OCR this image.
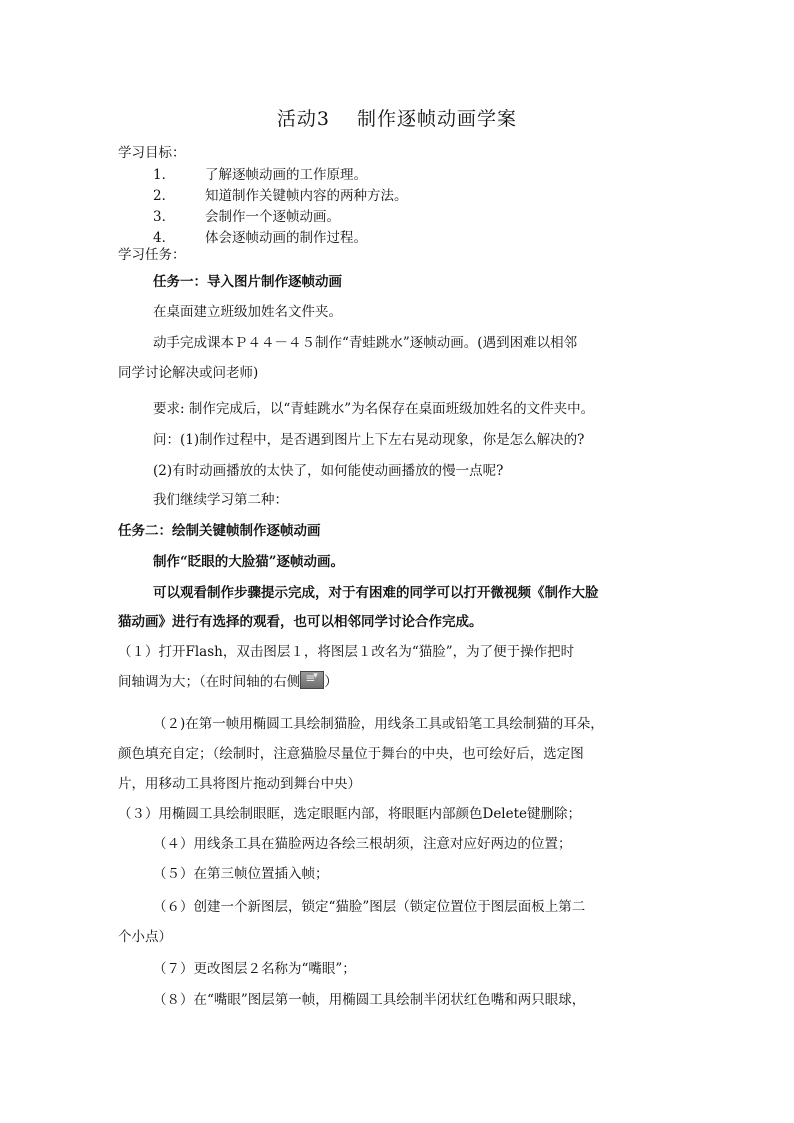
活动3　 制作逐帧动画学案
学习目标：
1． 了解逐帧动画的工作原理。
2． 知道制作关键帧内容的两种方法。
3． 会制作一个逐帧动画。
4． 体会逐帧动画的制作过程。
学习任务：
任务一：导入图片制作逐帧动画
在桌面建立班级加姓名文件夹。
动手完成课本Ｐ４４－４５制作“青蛙跳水”逐帧动画。(遇到困难以相邻
同学讨论解决或问老师)
要求: 制作完成后，以“青蛙跳水”为名保存在桌面班级加姓名的文件夹中。
问：(1)制作过程中，是否遇到图片上下左右晃动现象，你是怎么解决的?
(2)有时动画播放的太快了，如何能使动画播放的慢一点呢?
我们继续学习第二种：
任务二：绘制关键帧制作逐帧动画
制作“眨眼的大脸猫”逐帧动画。
可以观看制作步骤提示完成，对于有困难的同学可以打开微视频《制作大脸
猫动画》进行有选择的观看，也可以相邻同学讨论合作完成。
（１）打开Flash，双击图层１，将图层１改名为“猫脸”，为了便于操作把时
间轴调为大；（在时间轴的右侧≡ ▾ ）
（２)在第一帧用椭圆工具绘制猫脸，用线条工具或铅笔工具绘制猫的耳朵，
颜色填充自定；（绘制时，注意猫脸尽量位于舞台的中央，也可绘好后，选定图
片，用移动工具将图片拖动到舞台中央）
（３）用椭圆工具绘制眼眶，选定眼眶内部，将眼眶内部颜色Delete键删除；
（４）用线条工具在猫脸两边各绘三根胡须，注意对应好两边的位置；
（５）在第三帧位置插入帧；
（６）创建一个新图层，锁定“猫脸”图层（锁定位置位于图层面板上第二
个小点）
（７）更改图层２名称为“嘴眼”；
（８）在“嘴眼”图层第一帧，用椭圆工具绘制半闭状红色嘴和两只眼球，
